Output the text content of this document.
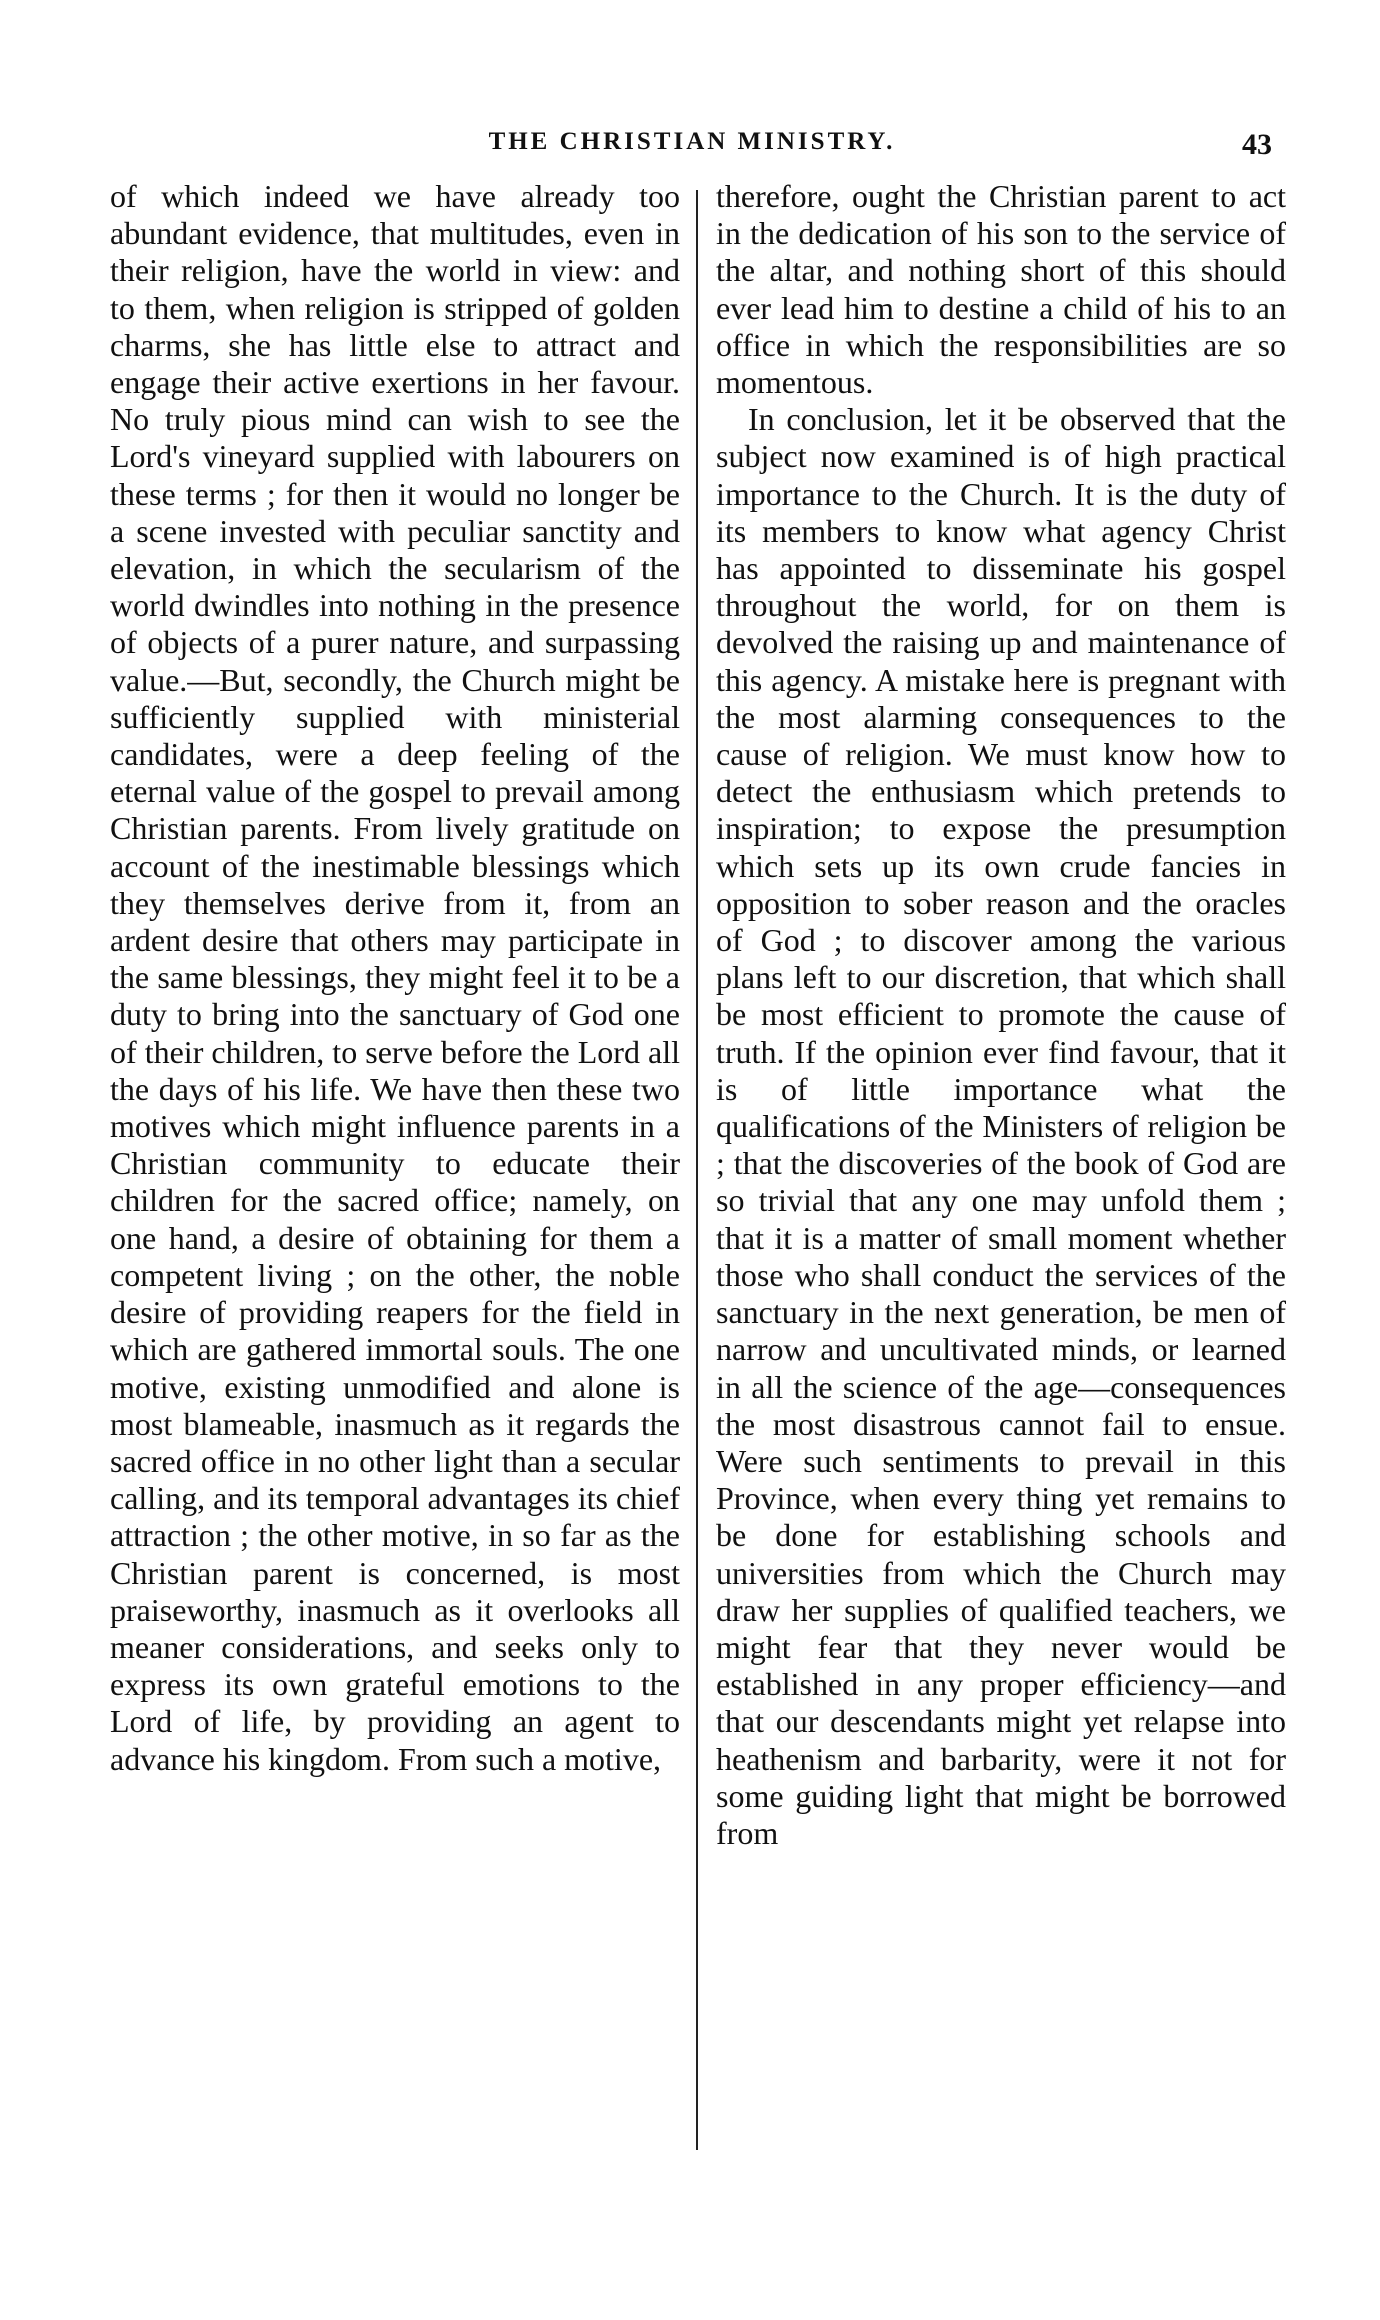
THE CHRISTIAN MINISTRY.	43

of which indeed we have already too abundant evidence, that multitudes, even in their religion, have the world in view: and to them, when religion is stripped of golden charms, she has little else to attract and engage their active exertions in her favour. No truly pious mind can wish to see the Lord's vineyard supplied with labourers on these terms ; for then it would no longer be a scene invested with peculiar sanctity and elevation, in which the secularism of the world dwindles into nothing in the presence of objects of a purer nature, and surpassing value.—But, secondly, the Church might be sufficiently supplied with ministerial candidates, were a deep feeling of the eternal value of the gospel to prevail among Christian parents. From lively gratitude on account of the inestimable blessings which they themselves derive from it, from an ardent desire that others may participate in the same blessings, they might feel it to be a duty to bring into the sanctuary of God one of their children, to serve before the Lord all the days of his life. We have then these two motives which might influence parents in a Christian community to educate their children for the sacred office; namely, on one hand, a desire of obtaining for them a competent living ; on the other, the noble desire of providing reapers for the field in which are gathered immortal souls. The one motive, existing unmodified and alone is most blameable, inasmuch as it regards the sacred office in no other light than a secular calling, and its temporal advantages its chief attraction ; the other motive, in so far as the Christian parent is concerned, is most praiseworthy, inasmuch as it overlooks all meaner considerations, and seeks only to express its own grateful emotions to the Lord of life, by providing an agent to advance his kingdom. From such a motive,

therefore, ought the Christian parent to act in the dedication of his son to the service of the altar, and nothing short of this should ever lead him to destine a child of his to an office in which the responsibilities are so momentous.

In conclusion, let it be observed that the subject now examined is of high practical importance to the Church. It is the duty of its members to know what agency Christ has appointed to disseminate his gospel throughout the world, for on them is devolved the raising up and maintenance of this agency. A mistake here is pregnant with the most alarming consequences to the cause of religion. We must know how to detect the enthusiasm which pretends to inspiration; to expose the presumption which sets up its own crude fancies in opposition to sober reason and the oracles of God ; to discover among the various plans left to our discretion, that which shall be most efficient to promote the cause of truth. If the opinion ever find favour, that it is of little importance what the qualifications of the Ministers of religion be ; that the discoveries of the book of God are so trivial that any one may unfold them ; that it is a matter of small moment whether those who shall conduct the services of the sanctuary in the next generation, be men of narrow and uncultivated minds, or learned in all the science of the age—consequences the most disastrous cannot fail to ensue. Were such sentiments to prevail in this Province, when every thing yet remains to be done for establishing schools and universities from which the Church may draw her supplies of qualified teachers, we might fear that they never would be established in any proper efficiency—and that our descendants might yet relapse into heathenism and barbarity, were it not for some guiding light that might be borrowed from
